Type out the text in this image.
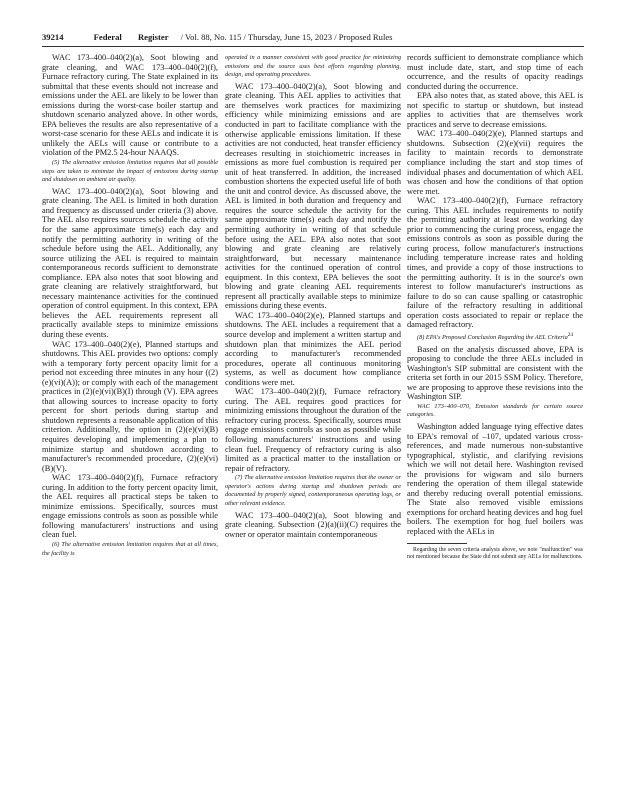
39214	Federal Register / Vol. 88, No. 115 / Thursday, June 15, 2023 / Proposed Rules

WAC 173–400–040(2)(a), Soot blowing and grate cleaning, and WAC 173–400–040(2)(f), Furnace refractory curing. The State explained in its submittal that these events should not increase and emissions under the AEL are likely to be lower than emissions during the worst-case boiler startup and shutdown scenario analyzed above. In other words, EPA believes the results are also representative of a worst-case scenario for these AELs and indicate it is unlikely the AELs will cause or contribute to a violation of the PM2.5 24-hour NAAQS.

(5) The alternative emission limitation requires that all possible steps are taken to minimize the impact of emissions during startup and shutdown on ambient air quality.

WAC 173–400–040(2)(a), Soot blowing and grate cleaning. The AEL is limited in both duration and frequency as discussed under criteria (3) above. The AEL also requires sources schedule the activity for the same approximate time(s) each day and notify the permitting authority in writing of the schedule before using the AEL. Additionally, any source utilizing the AEL is required to maintain contemporaneous records sufficient to demonstrate compliance. EPA also notes that soot blowing and grate cleaning are relatively straightforward, but necessary maintenance activities for the continued operation of control equipment. In this context, EPA believes the AEL requirements represent all practically available steps to minimize emissions during these events.

WAC 173–400–040(2)(e), Planned startups and shutdowns. This AEL provides two options: comply with a temporary forty percent opacity limit for a period not exceeding three minutes in any hour ((2)(e)(vi)(A)); or comply with each of the management practices in (2)(e)(vi)(B)(I) through (V). EPA agrees that allowing sources to increase opacity to forty percent for short periods during startup and shutdown represents a reasonable application of this criterion. Additionally, the option in (2)(e)(vi)(B) requires developing and implementing a plan to minimize startup and shutdown according to manufacturer's recommended procedure, (2)(e)(vi)(B)(V).

WAC 173–400–040(2)(f), Furnace refractory curing. In addition to the forty percent opacity limit, the AEL requires all practical steps be taken to minimize emissions. Specifically, sources must engage emissions controls as soon as possible while following manufacturers' instructions and using clean fuel.

(6) The alternative emission limitation requires that at all times, the facility is

operated in a manner consistent with good practice for minimizing emissions and the source uses best efforts regarding planning, design, and operating procedures.

WAC 173–400–040(2)(a), Soot blowing and grate cleaning. This AEL applies to activities that are themselves work practices for maximizing efficiency while minimizing emissions and are conducted in part to facilitate compliance with the otherwise applicable emissions limitation. If these activities are not conducted, heat transfer efficiency decreases resulting in stoichiometric increases in emissions as more fuel combustion is required per unit of heat transferred. In addition, the increased combustion shortens the expected useful life of both the unit and control device. As discussed above, the AEL is limited in both duration and frequency and requires the source schedule the activity for the same approximate time(s) each day and notify the permitting authority in writing of that schedule before using the AEL. EPA also notes that soot blowing and grate cleaning are relatively straightforward, but necessary maintenance activities for the continued operation of control equipment. In this context, EPA believes the soot blowing and grate cleaning AEL requirements represent all practically available steps to minimize emissions during these events.

WAC 173–400–040(2)(e), Planned startups and shutdowns. The AEL includes a requirement that a source develop and implement a written startup and shutdown plan that minimizes the AEL period according to manufacturer's recommended procedures, operate all continuous monitoring systems, as well as document how compliance conditions were met.

WAC 173–400–040(2)(f), Furnace refractory curing. The AEL requires good practices for minimizing emissions throughout the duration of the refractory curing process. Specifically, sources must engage emissions controls as soon as possible while following manufacturers' instructions and using clean fuel. Frequency of refractory curing is also limited as a practical matter to the installation or repair of refractory.

(7) The alternative emission limitation requires that the owner or operator's actions during startup and shutdown periods are documented by properly signed, contemporaneous operating logs, or other relevant evidence.

WAC 173–400–040(2)(a), Soot blowing and grate cleaning. Subsection (2)(a)(ii)(C) requires the owner or operator maintain contemporaneous

records sufficient to demonstrate compliance which must include date, start, and stop time of each occurrence, and the results of opacity readings conducted during the occurrence.

EPA also notes that, as stated above, this AEL is not specific to startup or shutdown, but instead applies to activities that are themselves work practices and serve to decrease emissions.

WAC 173–400–040(2)(e), Planned startups and shutdowns. Subsection (2)(e)(vii) requires the facility to maintain records to demonstrate compliance including the start and stop times of individual phases and documentation of which AEL was chosen and how the conditions of that option were met.

WAC 173–400–040(2)(f), Furnace refractory curing. This AEL includes requirements to notify the permitting authority at least one working day prior to commencing the curing process, engage the emissions controls as soon as possible during the curing process, follow manufacturer's instructions including temperature increase rates and holding times, and provide a copy of those instructions to the permitting authority. It is in the source's own interest to follow manufacturer's instructions as failure to do so can cause spalling or catastrophic failure of the refractory resulting in additional operation costs associated to repair or replace the damaged refractory.

(8) EPA's Proposed Conclusion Regarding the AEL Criteria$^{24}$

Based on the analysis discussed above, EPA is proposing to conclude the three AELs included in Washington's SIP submittal are consistent with the criteria set forth in our 2015 SSM Policy. Therefore, we are proposing to approve these revisions into the Washington SIP.

WAC 173–400–070, Emission standards for certain source categories.

Washington added language tying effective dates to EPA's removal of –107, updated various cross-references, and made numerous non-substantive typographical, stylistic, and clarifying revisions which we will not detail here. Washington revised the provisions for wigwam and silo burners rendering the operation of them illegal statewide and thereby reducing overall potential emissions. The State also removed visible emissions exemptions for orchard heating devices and hog fuel boilers. The exemption for hog fuel boilers was replaced with the AELs in

Regarding the seven criteria analysis above, we note "malfunction" was not mentioned because the State did not submit any AELs for malfunctions.
